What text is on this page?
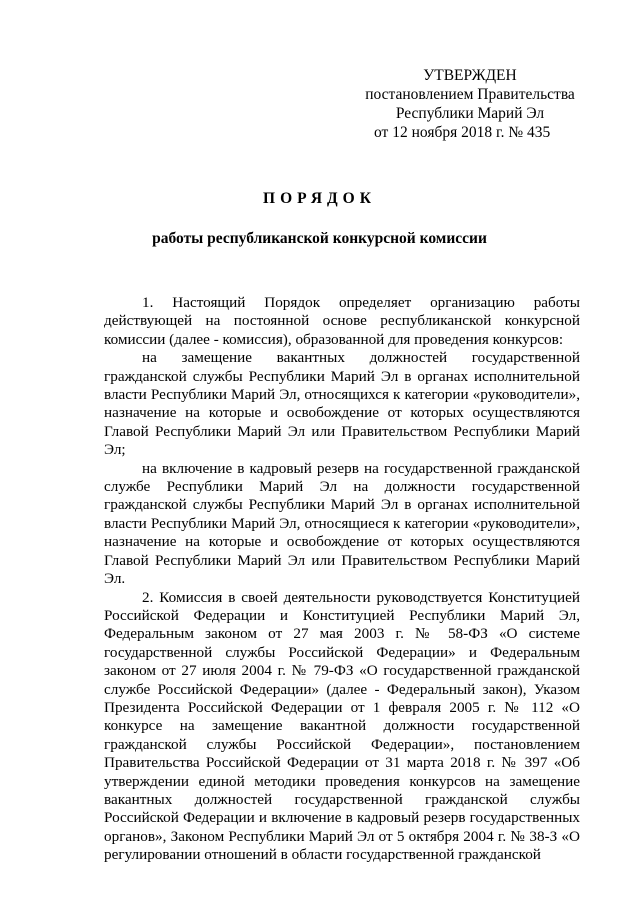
УТВЕРЖДЕН
постановлением Правительства
Республики Марий Эл
от 12 ноября 2018 г. № 435
ПОРЯДОК
работы республиканской конкурсной комиссии

1. Настоящий Порядок определяет организацию работы действующей на постоянной основе республиканской конкурсной комиссии (далее - комиссия), образованной для проведения конкурсов:

на замещение вакантных должностей государственной гражданской службы Республики Марий Эл в органах исполнительной власти Республики Марий Эл, относящихся к категории «руководители», назначение на которые и освобождение от которых осуществляются Главой Республики Марий Эл или Правительством Республики Марий Эл;

на включение в кадровый резерв на государственной гражданской службе Республики Марий Эл на должности государственной гражданской службы Республики Марий Эл в органах исполнительной власти Республики Марий Эл, относящиеся к категории «руководители», назначение на которые и освобождение от которых осуществляются Главой Республики Марий Эл или Правительством Республики Марий Эл.

2. Комиссия в своей деятельности руководствуется Конституцией Российской Федерации и Конституцией Республики Марий Эл, Федеральным законом от 27 мая 2003 г. № 58-ФЗ «О системе государственной службы Российской Федерации» и Федеральным законом от 27 июля 2004 г. № 79-ФЗ «О государственной гражданской службе Российской Федерации» (далее - Федеральный закон), Указом Президента Российской Федерации от 1 февраля 2005 г. № 112 «О конкурсе на замещение вакантной должности государственной гражданской службы Российской Федерации», постановлением Правительства Российской Федерации от 31 марта 2018 г. № 397 «Об утверждении единой методики проведения конкурсов на замещение вакантных должностей государственной гражданской службы Российской Федерации и включение в кадровый резерв государственных органов», Законом Республики Марий Эл от 5 октября 2004 г. № 38-З «О регулировании отношений в области государственной гражданской
